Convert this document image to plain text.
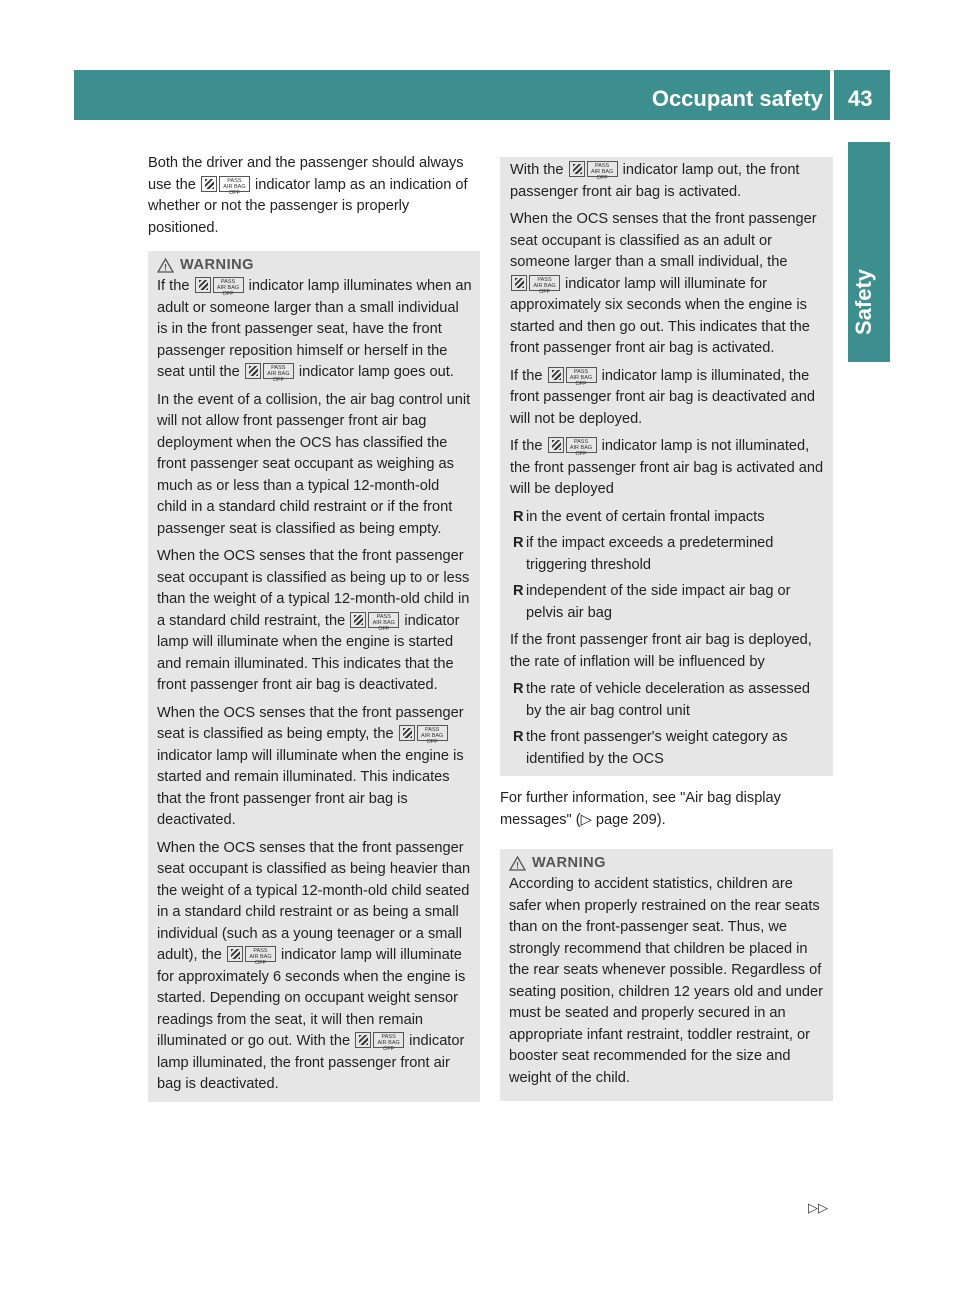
Occupant safety 43
Safety

Both the driver and the passenger should always use the	PASS
AIR BAG OFF indicator lamp as an indication of whether or not the passenger is properly positioned.

! WARNING

If the	PASS
AIR BAG OFF indicator lamp illuminates when an adult or someone larger than a small individual is in the front passenger seat, have the front passenger reposition himself or herself in the seat until the	PASS
AIR BAG OFF indicator lamp goes out.

In the event of a collision, the air bag control unit will not allow front passenger front air bag deployment when the OCS has classified the front passenger seat occupant as weighing as much as or less than a typical 12-month-old child in a standard child restraint or if the front passenger seat is classified as being empty.

When the OCS senses that the front passenger seat occupant is classified as being up to or less than the weight of a typical 12-month-old child in a standard child restraint, the	PASS
AIR BAG OFF indicator lamp will illuminate when the engine is started and remain illuminated. This indicates that the front passenger front air bag is deactivated.

When the OCS senses that the front passenger seat is classified as being empty, the	PASS
AIR BAG OFF
indicator lamp will illuminate when the engine is started and remain illuminated. This indicates that the front passenger front air bag is deactivated.

When the OCS senses that the front passenger seat occupant is classified as being heavier than the weight of a typical 12-month-old child seated in a standard child restraint or as being a small individual (such as a young teenager or a small adult), the	PASS
AIR BAG OFF indicator lamp will illuminate for approximately 6 seconds when the engine is started. Depending on occupant weight sensor readings from the seat, it will then remain illuminated or go out. With the	PASS
AIR BAG OFF indicator lamp illuminated, the front passenger front air bag is deactivated.

With the	PASS
AIR BAG OFF indicator lamp out, the front passenger front air bag is activated.

When the OCS senses that the front passenger seat occupant is classified as an adult or someone larger than a small individual, the
PASS
AIR BAG OFF indicator lamp will illuminate for approximately six seconds when the engine is started and then go out. This indicates that the front passenger front air bag is activated.

If the	PASS
AIR BAG OFF indicator lamp is illuminated, the front passenger front air bag is deactivated and will not be deployed.

If the	PASS
AIR BAG OFF indicator lamp is not illuminated, the front passenger front air bag is activated and will be deployed

R in the event of certain frontal impacts
R if the impact exceeds a predetermined triggering threshold
R independent of the side impact air bag or pelvis air bag

If the front passenger front air bag is deployed, the rate of inflation will be influenced by

R the rate of vehicle deceleration as assessed by the air bag control unit
R the front passenger's weight category as identified by the OCS

For further information, see "Air bag display messages" (▷ page 209).

! WARNING

According to accident statistics, children are safer when properly restrained on the rear seats than on the front-passenger seat. Thus, we strongly recommend that children be placed in the rear seats whenever possible. Regardless of seating position, children 12 years old and under must be seated and properly secured in an appropriate infant restraint, toddler restraint, or booster seat recommended for the size and weight of the child.

▷▷
